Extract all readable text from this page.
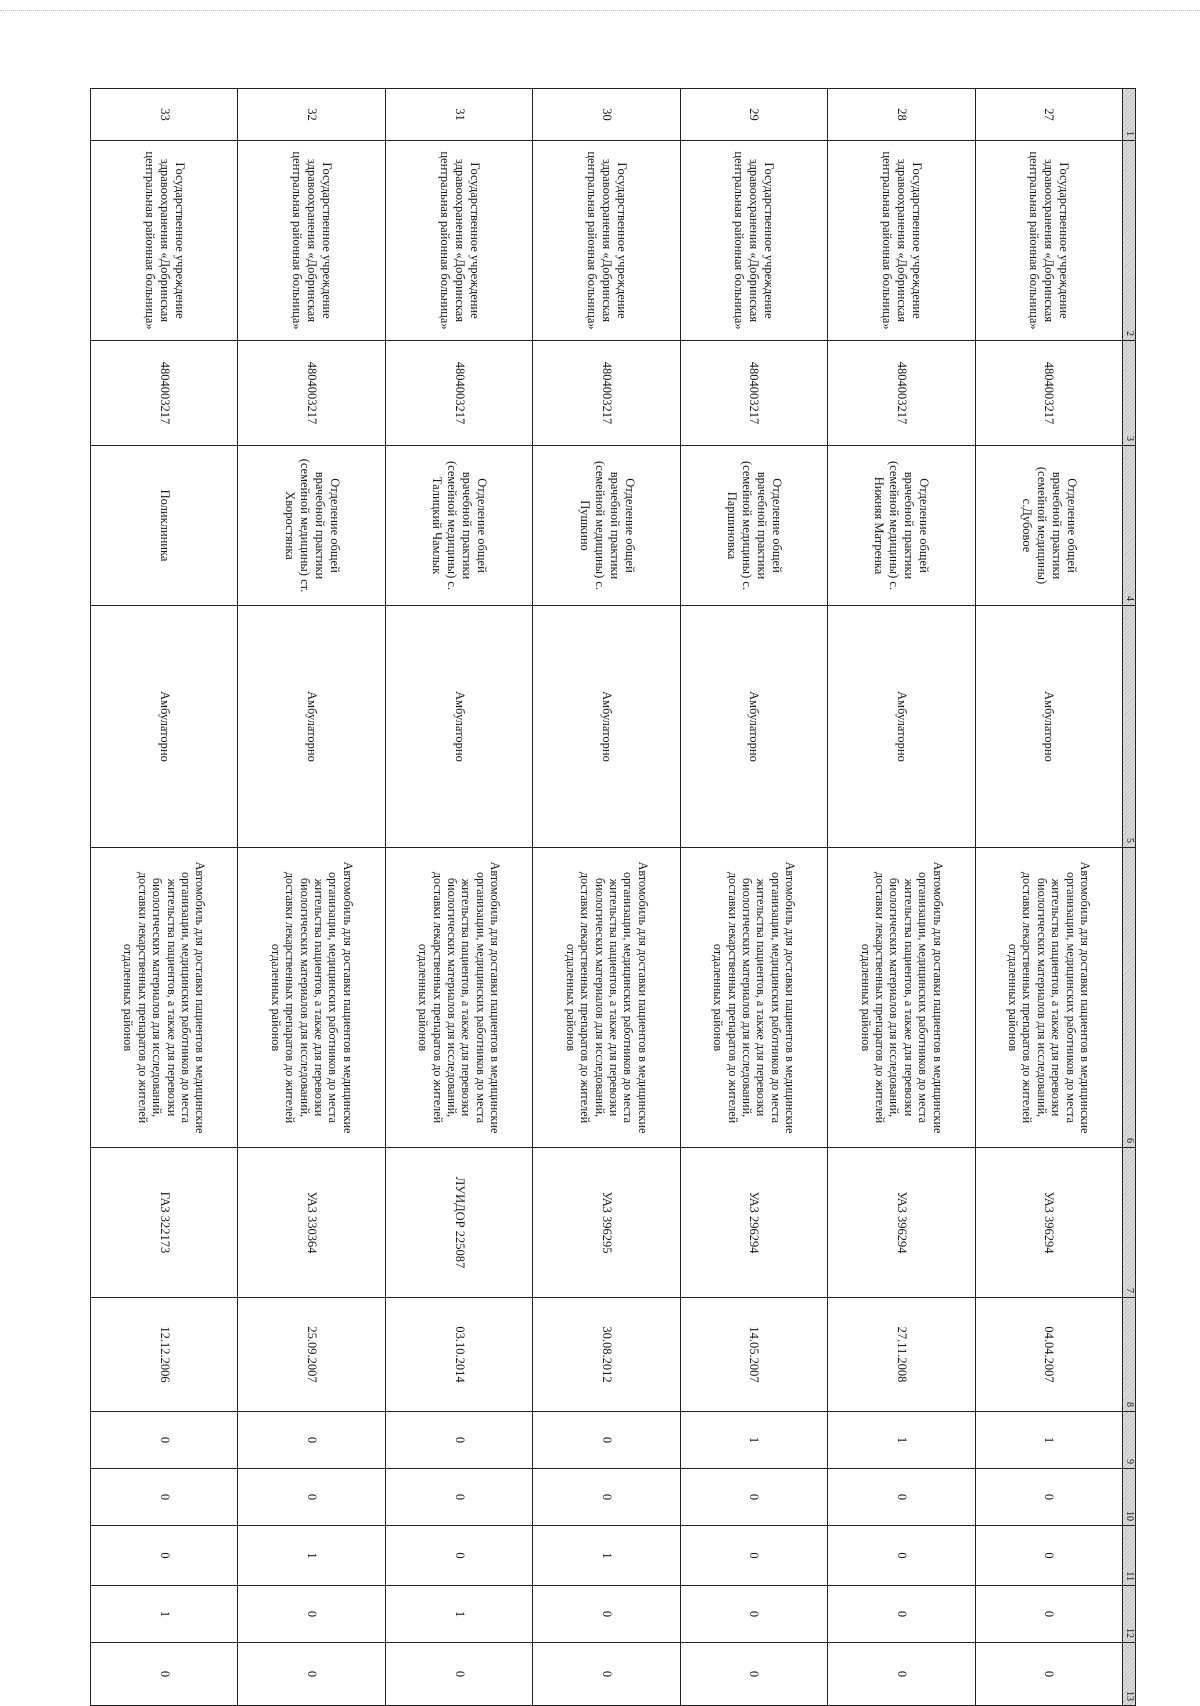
1	2	3	4	5	6	7	8	9	10	11	12	13
27	Государственное учреждение здравоохранения «Добринская центральная районная больница»	4804003217	Отделение общей врачебной практики (семейной медицины) с.Дубовое	Амбулаторно	Автомобиль для доставки пациентов в медицинские организации, медицинских работников до места жительства пациентов, а также для перевозки биологических материалов для исследований, доставки лекарственных препаратов до жителей отдаленных районов	УАЗ 396294	04.04.2007	1	0	0	0	0
28	Государственное учреждение здравоохранения «Добринская центральная районная больница»	4804003217	Отделение общей врачебной практики (семейной медицины) с. Нижняя Матренка	Амбулаторно	Автомобиль для доставки пациентов в медицинские организации, медицинских работников до места жительства пациентов, а также для перевозки биологических материалов для исследований, доставки лекарственных препаратов до жителей отдаленных районов	УАЗ 396294	27.11.2008	1	0	0	0	0
29	Государственное учреждение здравоохранения «Добринская центральная районная больница»	4804003217	Отделение общей врачебной практики (семейной медицины) с. Паршиновка	Амбулаторно	Автомобиль для доставки пациентов в медицинские организации, медицинских работников до места жительства пациентов, а также для перевозки биологических материалов для исследований, доставки лекарственных препаратов до жителей отдаленных районов	УАЗ 296294	14.05.2007	1	0	0	0	0
30	Государственное учреждение здравоохранения «Добринская центральная районная больница»	4804003217	Отделение общей врачебной практики (семейной медицины) с. Пушкино	Амбулаторно	Автомобиль для доставки пациентов в медицинские организации, медицинских работников до места жительства пациентов, а также для перевозки биологических материалов для исследований, доставки лекарственных препаратов до жителей отдаленных районов	УАЗ 396295	30.08.2012	0	0	1	0	0
31	Государственное учреждение здравоохранения «Добринская центральная районная больница»	4804003217	Отделение общей врачебной практики (семейной медицины) с. Талицкий Чамлык	Амбулаторно	Автомобиль для доставки пациентов в медицинские организации, медицинских работников до места жительства пациентов, а также для перевозки биологических материалов для исследований, доставки лекарственных препаратов до жителей отдаленных районов	ЛУИДОР 225087	03.10.2014	0	0	0	1	0
32	Государственное учреждение здравоохранения «Добринская центральная районная больница»	4804003217	Отделение общей врачебной практики (семейной медицины) ст. Хворостянка	Амбулаторно	Автомобиль для доставки пациентов в медицинские организации, медицинских работников до места жительства пациентов, а также для перевозки биологических материалов для исследований, доставки лекарственных препаратов до жителей отдаленных районов	УАЗ 330364	25.09.2007	0	0	1	0	0
33	Государственное учреждение здравоохранения «Добринская центральная районная больница»	4804003217	Поликлиника	Амбулаторно	Автомобиль для доставки пациентов в медицинские организации, медицинских работников до места жительства пациентов, а также для перевозки биологических материалов для исследований, доставки лекарственных препаратов до жителей отдаленных районов	ГАЗ 322173	12.12.2006	0	0	0	1	0
